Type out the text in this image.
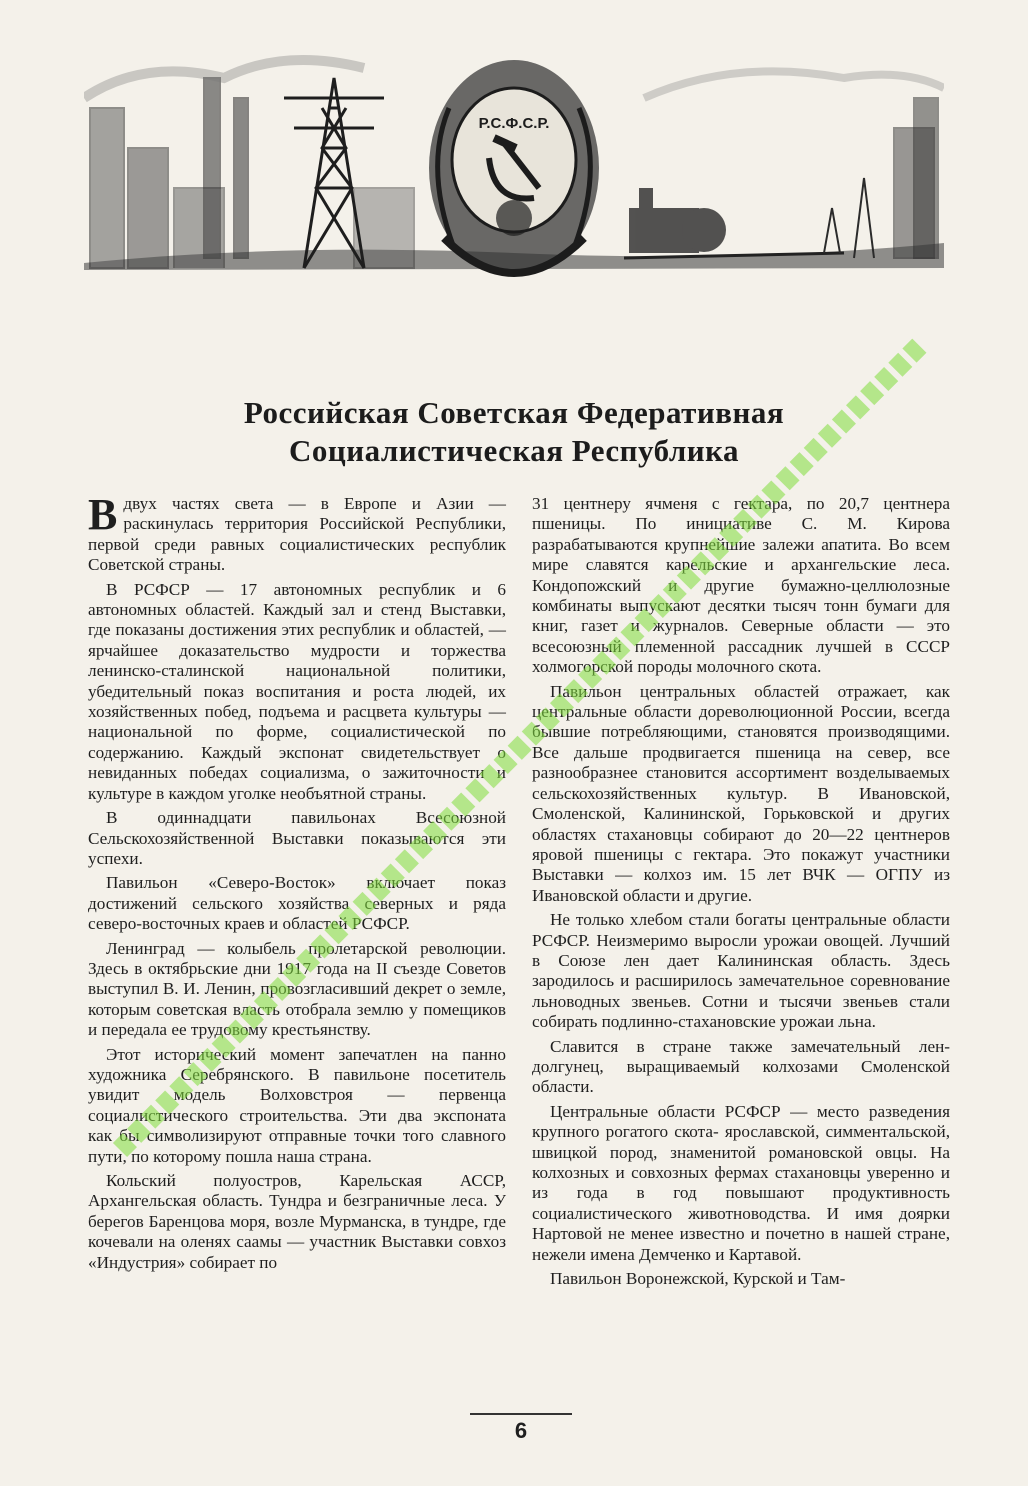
Р.С.Ф.С.Р.
Российская Советская Федеративная
Социалистическая Республика

Вдвух частях света — в Европе и Азии — раскинулась территория Российской Республики, первой среди равных социалистических республик Советской страны.

В РСФСР — 17 автономных республик и 6 автономных областей. Каждый зал и стенд Выставки, где показаны достижения этих республик и областей, — ярчайшее доказательство мудрости и торжества ленинско-сталинской национальной политики, убедительный показ воспитания и роста людей, их хозяйственных побед, подъема и расцвета культуры — национальной по форме, социалистической по содержанию. Каждый экспонат свидетельствует о невиданных победах социализма, о зажиточности и культуре в каждом уголке необъятной страны.

В одиннадцати павильонах Всесоюзной Сельскохозяйственной Выставки показываются эти успехи.

Павильон «Северо-Восток» включает показ достижений сельского хозяйства северных и ряда северо-восточных краев и областей РСФСР.

Ленинград — колыбель пролетарской революции. Здесь в октябрьские дни 1917 года на II съезде Советов выступил В. И. Ленин, провозгласивший декрет о земле, которым советская власть отобрала землю у помещиков и передала ее трудовому крестьянству.

Этот исторический момент запечатлен на панно художника Серебрянского. В павильоне посетитель увидит модель Волховстроя — первенца социалистического строительства. Эти два экспоната как бы символизируют отправные точки того славного пути, по которому пошла наша страна.

Кольский полуостров, Карельская АССР, Архангельская область. Тундра и безграничные леса. У берегов Баренцова моря, возле Мурманска, в тундре, где кочевали на оленях саамы — участник Выставки совхоз «Индустрия» собирает по

31 центнеру ячменя с гектара, по 20,7 центнера пшеницы. По инициативе С. М. Кирова разрабатываются крупнейшие залежи апатита. Во всем мире славятся карельские и архангельские леса. Кондопожский и другие бумажно-целлюлозные комбинаты выпускают десятки тысяч тонн бумаги для книг, газет и журналов. Северные области — это всесоюзный племенной рассадник лучшей в СССР холмогорской породы молочного скота.

Павильон центральных областей отражает, как центральные области дореволюционной России, всегда бывшие потребляющими, становятся производящими. Все дальше продвигается пшеница на север, все разнообразнее становится ассортимент возделываемых сельскохозяйственных культур. В Ивановской, Смоленской, Калининской, Горьковской и других областях стахановцы собирают до 20—22 центнеров яровой пшеницы с гектара. Это покажут участники Выставки — колхоз им. 15 лет ВЧК — ОГПУ из Ивановской области и другие.

Не только хлебом стали богаты центральные области РСФСР. Неизмеримо выросли урожаи овощей. Лучший в Союзе лен дает Калининская область. Здесь зародилось и расширилось замечательное соревнование льноводных звеньев. Сотни и тысячи звеньев стали собирать подлинно-стахановские урожаи льна.

Славится в стране также замечательный лен-долгунец, выращиваемый колхозами Смоленской области.

Центральные области РСФСР — место разведения крупного рогатого скота- ярославской, симментальской, швицкой пород, знаменитой романовской овцы. На колхозных и совхозных фермах стахановцы уверенно и из года в год повышают продуктивность социалистического животноводства. И имя доярки Нартовой не менее известно и почетно в нашей стране, нежели имена Демченко и Картавой.

Павильон Воронежской, Курской и Там-

6
